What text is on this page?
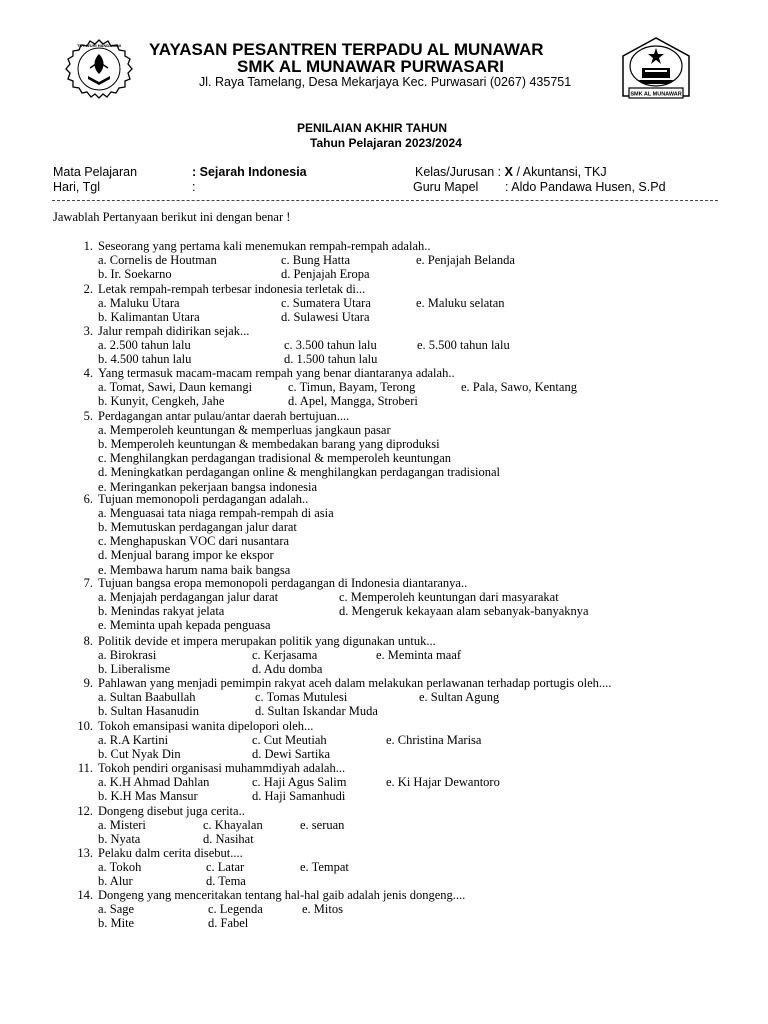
TUT WURI HANDAYANI
SMK AL MUNAWAR
YAYASAN PESANTREN TERPADU AL MUNAWAR
SMK AL MUNAWAR PURWASARI
Jl. Raya Tamelang, Desa Mekarjaya Kec. Purwasari (0267) 435751
PENILAIAN AKHIR TAHUN
Tahun Pelajaran 2023/2024
Mata Pelajaran	: Sejarah Indonesia
Hari, Tgl	:
Kelas/Jurusan : X / Akuntansi, TKJ
Guru Mapel : Aldo Pandawa Husen, S.Pd
Jawablah Pertanyaan berikut ini dengan benar !
1. Seseorang yang pertama kali menemukan rempah-rempah adalah..
a. Cornelis de Houtman	c. Bung Hatta	e. Penjajah Belanda
b. Ir. Soekarno	d. Penjajah Eropa
2. Letak rempah-rempah terbesar indonesia terletak di...
a. Maluku Utara	c. Sumatera Utara	e. Maluku selatan
b. Kalimantan Utara	d. Sulawesi Utara
3. Jalur rempah didirikan sejak...
a. 2.500 tahun lalu	c. 3.500 tahun lalu	e. 5.500 tahun lalu
b. 4.500 tahun lalu	d. 1.500 tahun lalu
4. Yang termasuk macam-macam rempah yang benar diantaranya adalah..
a. Tomat, Sawi, Daun kemangi	c. Timun, Bayam, Terong	e. Pala, Sawo, Kentang
b. Kunyit, Cengkeh, Jahe	d. Apel, Mangga, Stroberi
5. Perdagangan antar pulau/antar daerah bertujuan....
a. Memperoleh keuntungan & memperluas jangkaun pasar
b. Memperoleh keuntungan & membedakan barang yang diproduksi
c. Menghilangkan perdagangan tradisional & memperoleh keuntungan
d. Meningkatkan perdagangan online & menghilangkan perdagangan tradisional
e. Meringankan pekerjaan bangsa indonesia
6. Tujuan memonopoli perdagangan adalah..
a. Menguasai tata niaga rempah-rempah di asia
b. Memutuskan perdagangan jalur darat
c. Menghapuskan VOC dari nusantara
d. Menjual barang impor ke ekspor
e. Membawa harum nama baik bangsa
7. Tujuan bangsa eropa memonopoli perdagangan di Indonesia diantaranya..
a. Menjajah perdagangan jalur darat	c. Memperoleh keuntungan dari masyarakat
b. Menindas rakyat jelata	d. Mengeruk kekayaan alam sebanyak-banyaknya
e. Meminta upah kepada penguasa
8. Politik devide et impera merupakan politik yang digunakan untuk...
a. Birokrasi	c. Kerjasama	e. Meminta maaf
b. Liberalisme	d. Adu domba
9. Pahlawan yang menjadi pemimpin rakyat aceh dalam melakukan perlawanan terhadap portugis oleh....
a. Sultan Baabullah	c. Tomas Mutulesi	e. Sultan Agung
b. Sultan Hasanudin	d. Sultan Iskandar Muda
10. Tokoh emansipasi wanita dipelopori oleh...
a. R.A Kartini	c. Cut Meutiah	e. Christina Marisa
b. Cut Nyak Din	d. Dewi Sartika
11. Tokoh pendiri organisasi muhammdiyah adalah...
a. K.H Ahmad Dahlan	c. Haji Agus Salim	e. Ki Hajar Dewantoro
b. K.H Mas Mansur	d. Haji Samanhudi
12. Dongeng disebut juga cerita..
a. Misteri	c. Khayalan	e. seruan
b. Nyata	d. Nasihat
13. Pelaku dalm cerita disebut....
a. Tokoh	c. Latar	e. Tempat
b. Alur	d. Tema
14. Dongeng yang menceritakan tentang hal-hal gaib adalah jenis dongeng....
a. Sage	c. Legenda	e. Mitos
b. Mite	d. Fabel
